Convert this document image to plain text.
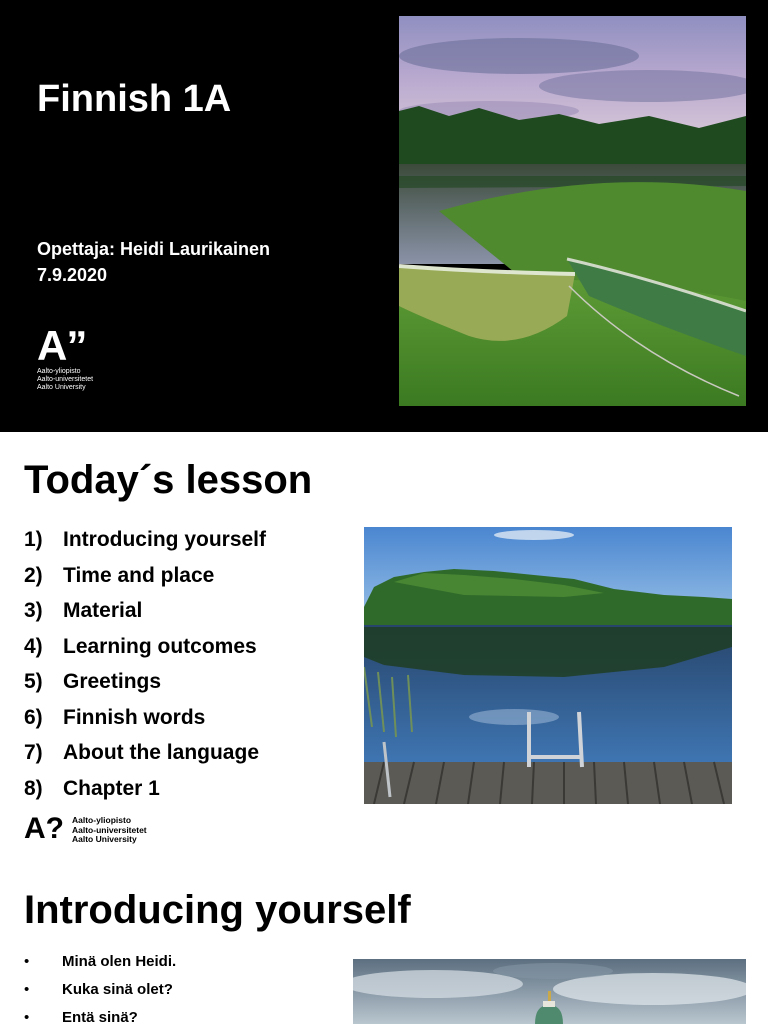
Finnish 1A
Opettaja: Heidi Laurikainen
7.9.2020
A”
Aalto-yliopisto
Aalto-universitetet
Aalto University
Today´s lesson
1) Introducing yourself
2) Time and place
3) Material
4) Learning outcomes
5) Greetings
6) Finnish words
7) About the language
8) Chapter 1
A? Aalto-yliopisto
Aalto-universitetet
Aalto University
Introducing yourself
• Minä olen Heidi.
• Kuka sinä olet?
• Entä sinä?
